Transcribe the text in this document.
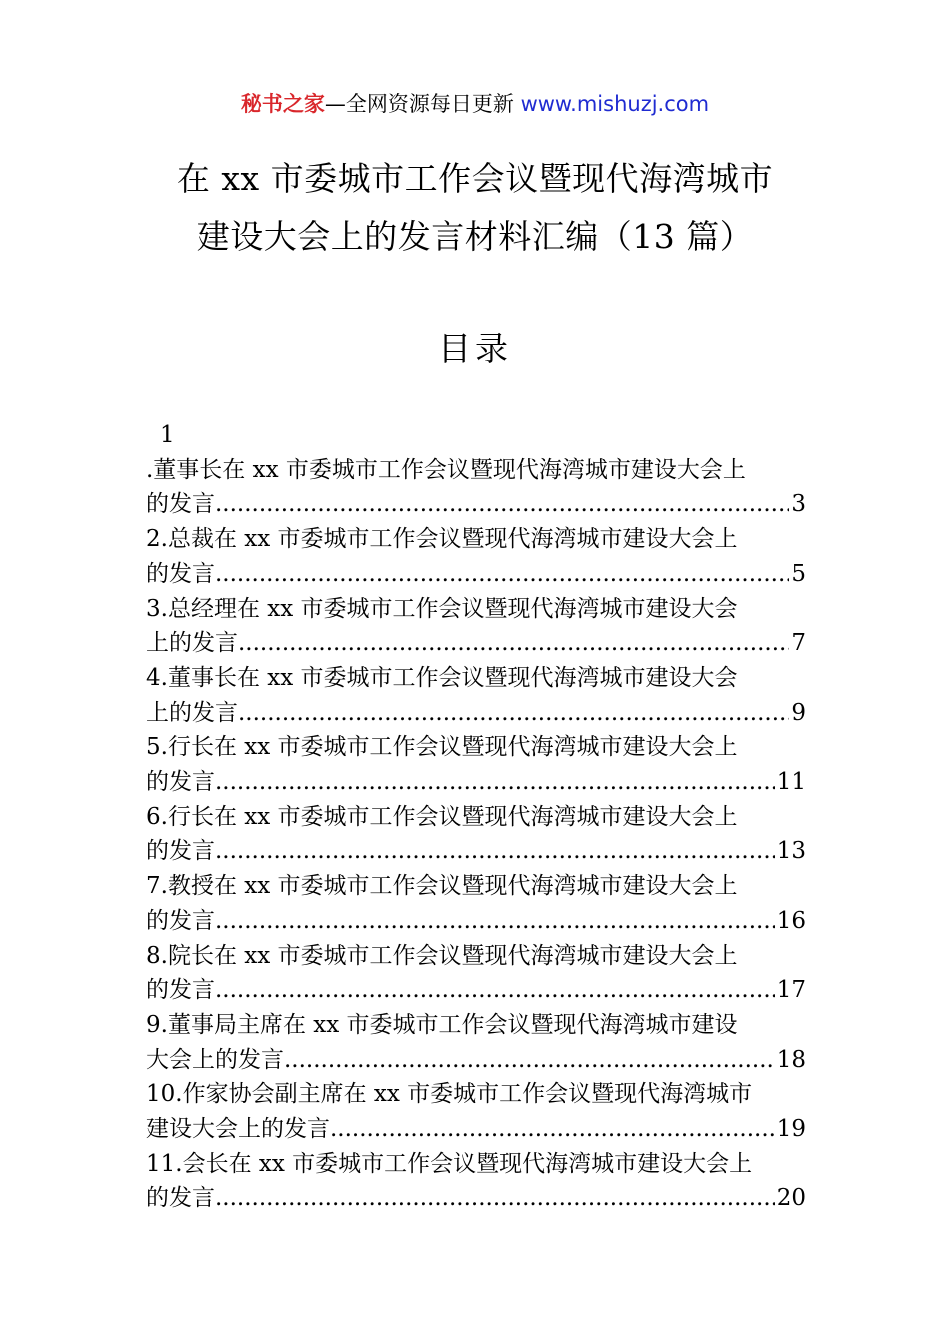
秘书之家—全网资源每日更新 www.mishuzj.com
在 xx 市委城市工作会议暨现代海湾城市
建设大会上的发言材料汇编（13 篇）
目录
1
.董事长在 xx 市委城市工作会议暨现代海湾城市建设大会上
的发言 .....	3
2.总裁在 xx 市委城市工作会议暨现代海湾城市建设大会上
的发言 .....	5
3.总经理在 xx 市委城市工作会议暨现代海湾城市建设大会
上的发言 .....	7
4.董事长在 xx 市委城市工作会议暨现代海湾城市建设大会
上的发言 .....	9
5.行长在 xx 市委城市工作会议暨现代海湾城市建设大会上
的发言 .....	11
6.行长在 xx 市委城市工作会议暨现代海湾城市建设大会上
的发言 .....	13
7.教授在 xx 市委城市工作会议暨现代海湾城市建设大会上
的发言 .....	16
8.院长在 xx 市委城市工作会议暨现代海湾城市建设大会上
的发言 .....	17
9.董事局主席在 xx 市委城市工作会议暨现代海湾城市建设
大会上的发言 .....	18
10.作家协会副主席在 xx 市委城市工作会议暨现代海湾城市
建设大会上的发言 .....	19
11.会长在 xx 市委城市工作会议暨现代海湾城市建设大会上
的发言 .....	20
